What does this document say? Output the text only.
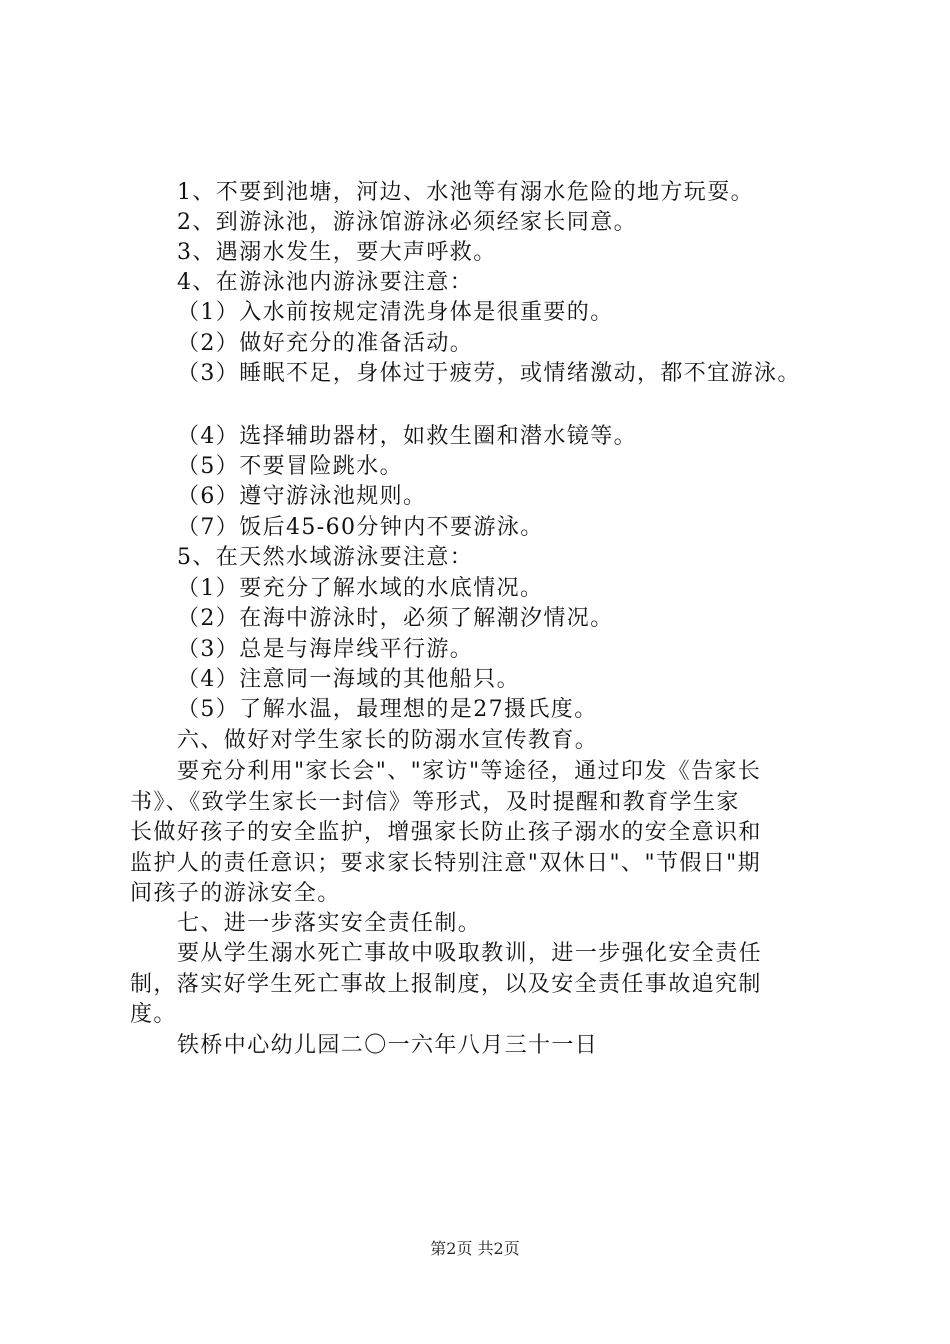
1、不要到池塘，河边、水池等有溺水危险的地方玩耍。
2、到游泳池，游泳馆游泳必须经家长同意。
3、遇溺水发生，要大声呼救。
4、在游泳池内游泳要注意：
（1）入水前按规定清洗身体是很重要的。
（2）做好充分的准备活动。
（3）睡眠不足，身体过于疲劳，或情绪激动，都不宜游泳。
（4）选择辅助器材，如救生圈和潜水镜等。
（5）不要冒险跳水。
（6）遵守游泳池规则。
（7）饭后45-60分钟内不要游泳。
5、在天然水域游泳要注意：
（1）要充分了解水域的水底情况。
（2）在海中游泳时，必须了解潮汐情况。
（3）总是与海岸线平行游。
（4）注意同一海域的其他船只。
（5）了解水温，最理想的是27摄氏度。
六、做好对学生家长的防溺水宣传教育。
要充分利用"家长会"、"家访"等途径，通过印发《告家长
书》、《致学生家长一封信》等形式，及时提醒和教育学生家
长做好孩子的安全监护，增强家长防止孩子溺水的安全意识和
监护人的责任意识；要求家长特别注意"双休日"、"节假日"期
间孩子的游泳安全。
七、进一步落实安全责任制。
要从学生溺水死亡事故中吸取教训，进一步强化安全责任
制，落实好学生死亡事故上报制度，以及安全责任事故追究制
度。
铁桥中心幼儿园二〇一六年八月三十一日
第2页 共2页
